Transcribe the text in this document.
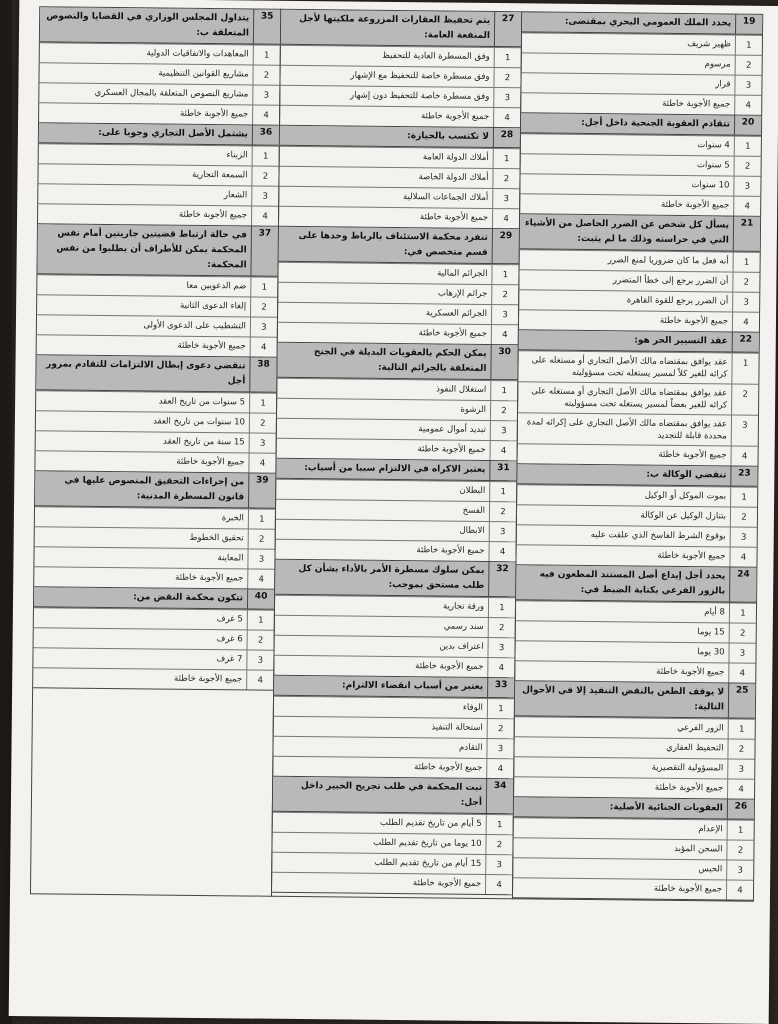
35
يتداول المجلس الوزاري في القضايا والنصوص المتعلقة ب:
1
المعاهدات والاتفاقيات الدولية
2
مشاريع القوانين التنظيمية
3
مشاريع النصوص المتعلقة بالمجال العسكري
4
جميع الأجوبة خاطئة
36
يشتمل الأصل التجاري وجوبا على:
1
الزبناء
2
السمعة التجارية
3
الشعار
4
جميع الأجوبة خاطئة
37
في حالة ارتباط قضيتين جاريتين أمام نفس المحكمة يمكن للأطراف أن يطلبوا من نفس المحكمة:
1
ضم الدعويين معا
2
إلغاء الدعوى الثانية
3
التشطيب على الدعوى الأولى
4
جميع الأجوبة خاطئة
38
تنقضي دعوى إبطال الالتزامات للتقادم بمرور أجل
1
5 سنوات من تاريخ العقد
2
10 سنوات من تاريخ العقد
3
15 سنة من تاريخ العقد
4
جميع الأجوبة خاطئة
39
من إجراءات التحقيق المنصوص عليها في قانون المسطرة المدنية:
1
الخبرة
2
تحقيق الخطوط
3
المعاينة
4
جميع الأجوبة خاطئة
40
تتكون محكمة النقض من:
1
5 غرف
2
6 غرف
3
7 غرف
4
جميع الأجوبة خاطئة
27
يتم تحفيظ العقارات المزروعة ملكيتها لأجل المنفعة العامة:
1
وفق المسطرة العادية للتحفيظ
2
وفق مسطرة خاصة للتحفيظ مع الإشهار
3
وفق مسطرة خاصة للتحفيظ دون إشهار
4
جميع الأجوبة خاطئة
28
لا تكتسب بالحيازة:
1
أملاك الدولة العامة
2
أملاك الدولة الخاصة
3
أملاك الجماعات السلالية
4
جميع الأجوبة خاطئة
29
تنفرد محكمة الاستئناف بالرباط وحدها على قسم متخصص في:
1
الجرائم المالية
2
جرائم الإرهاب
3
الجرائم العسكرية
4
جميع الأجوبة خاطئة
30
يمكن الحكم بالعقوبات البديلة في الجنح المتعلقة بالجرائم التالية:
1
استغلال النفوذ
2
الرشوة
3
تبديد أموال عمومية
4
جميع الأجوبة خاطئة
31
يعتبر الاكراه في الالتزام سببا من أسباب:
1
البطلان
2
الفسخ
3
الابطال
4
جميع الأجوبة خاطئة
32
يمكن سلوك مسطرة الأمر بالأداء بشأن كل طلب مستحق بموجب:
1
ورقة تجارية
2
سند رسمي
3
اعتراف بدين
4
جميع الأجوبة خاطئة
33
يعتبر من أسباب انقضاء الالتزام:
1
الوفاء
2
استحالة التنفيذ
3
التقادم
4
جميع الأجوبة خاطئة
34
تبت المحكمة في طلب تجريح الخبير داخل أجل:
1
5 أيام من تاريخ تقديم الطلب
2
10 يوما من تاريخ تقديم الطلب
3
15 أيام من تاريخ تقديم الطلب
4
جميع الأجوبة خاطئة
19
يحدد الملك العمومي البحري بمقتضى:
1
ظهير شريف
2
مرسوم
3
قرار
4
جميع الأجوبة خاطئة
20
تتقادم العقوبة الجنحية داخل أجل:
1
4 سنوات
2
5 سنوات
3
10 سنوات
4
جميع الأجوبة خاطئة
21
يسأل كل شخص عن الضرر الحاصل من الأشياء التي في حراسته وذلك ما لم يثبت:
1
أنه فعل ما كان ضروريا لمنع الضرر
2
أن الضرر يرجع إلى خطأ المتضرر
3
أن الضرر يرجع للقوة القاهرة
4
جميع الأجوبة خاطئة
22
عقد التسيير الحر هو:
1
عقد يوافق بمقتضاه مالك الأصل التجاري أو مستغله على كرائه للغير كلاً لمسير يستغله تحت مسؤوليته
2
عقد يوافق بمقتضاه مالك الأصل التجاري أو مستغله على كرائه للغير بعضاً لمسير يستغله تحت مسؤوليته
3
عقد يوافق بمقتضاه مالك الأصل التجاري على إكرائه لمدة محددة قابلة للتجديد
4
جميع الأجوبة خاطئة
23
تنقضي الوكالة ب:
1
بموت الموكل أو الوكيل
2
بتنازل الوكيل عن الوكالة
3
بوقوع الشرط الفاسخ الذي علقت عليه
4
جميع الأجوبة خاطئة
24
يحدد أجل إيداع أصل المستند المطعون فيه بالزور الفرعي بكتابة الضبط في:
1
8 أيام
2
15 يوما
3
30 يوما
4
جميع الأجوبة خاطئة
25
لا يوقف الطعن بالنقض التنفيذ إلا في الأحوال التالية:
1
الزور الفرعي
2
التحفيظ العقاري
3
المسؤولية التقصيرية
4
جميع الأجوبة خاطئة
26
العقوبات الجنائية الأصلية:
1
الإعدام
2
السجن المؤبد
3
الحبس
4
جميع الأجوبة خاطئة
